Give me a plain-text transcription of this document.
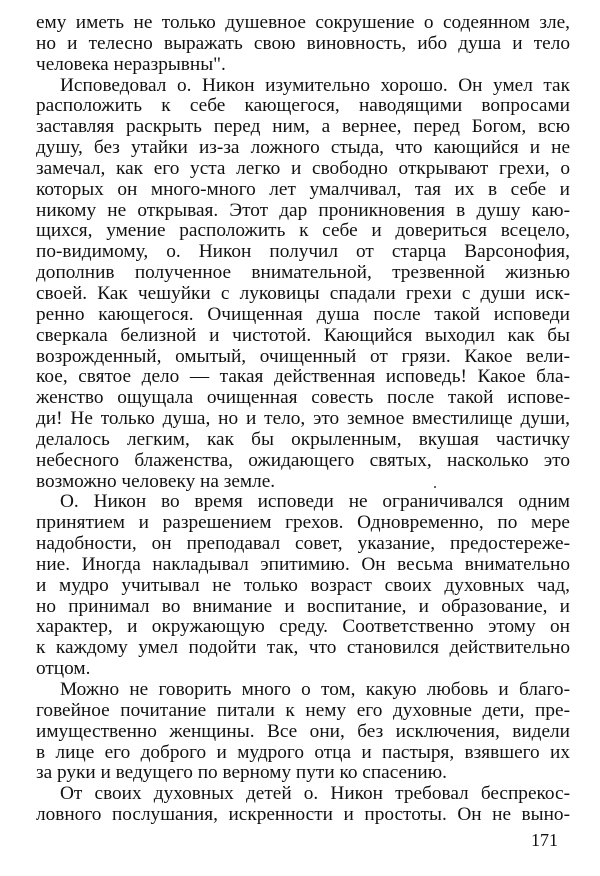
ему иметь не только душевное сокрушение о содеянном зле,
но и телесно выражать свою виновность, ибо душа и тело
человека неразрывны".
Исповедовал о. Никон изумительно хорошо. Он умел так
расположить к себе кающегося, наводящими вопросами
заставляя раскрыть перед ним, а вернее, перед Богом, всю
душу, без утайки из-за ложного стыда, что кающийся и не
замечал, как его уста легко и свободно открывают грехи, о
которых он много-много лет умалчивал, тая их в себе и
никому не открывая. Этот дар проникновения в душу каю-
щихся, умение расположить к себе и довериться всецело,
по-видимому, о. Никон получил от старца Варсонофия,
дополнив полученное внимательной, трезвенной жизнью
своей. Как чешуйки с луковицы спадали грехи с души иск-
ренно кающегося. Очищенная душа после такой исповеди
сверкала белизной и чистотой. Кающийся выходил как бы
возрожденный, омытый, очищенный от грязи. Какое вели-
кое, святое дело — такая действенная исповедь! Какое бла-
женство ощущала очищенная совесть после такой испове-
ди! Не только душа, но и тело, это земное вместилище души,
делалось легким, как бы окрыленным, вкушая частичку
небесного блаженства, ожидающего святых, насколько это
возможно человеку на земле.
О. Никон во время исповеди не ограничивался одним
принятием и разрешением грехов. Одновременно, по мере
надобности, он преподавал совет, указание, предостереже-
ние. Иногда накладывал эпитимию. Он весьма внимательно
и мудро учитывал не только возраст своих духовных чад,
но принимал во внимание и воспитание, и образование, и
характер, и окружающую среду. Соответственно этому он
к каждому умел подойти так, что становился действительно
отцом.
Можно не говорить много о том, какую любовь и благо-
говейное почитание питали к нему его духовные дети, пре-
имущественно женщины. Все они, без исключения, видели
в лице его доброго и мудрого отца и пастыря, взявшего их
за руки и ведущего по верному пути ко спасению.
От своих духовных детей о. Никон требовал беспрекос-
ловного послушания, искренности и простоты. Он не выно-
171
